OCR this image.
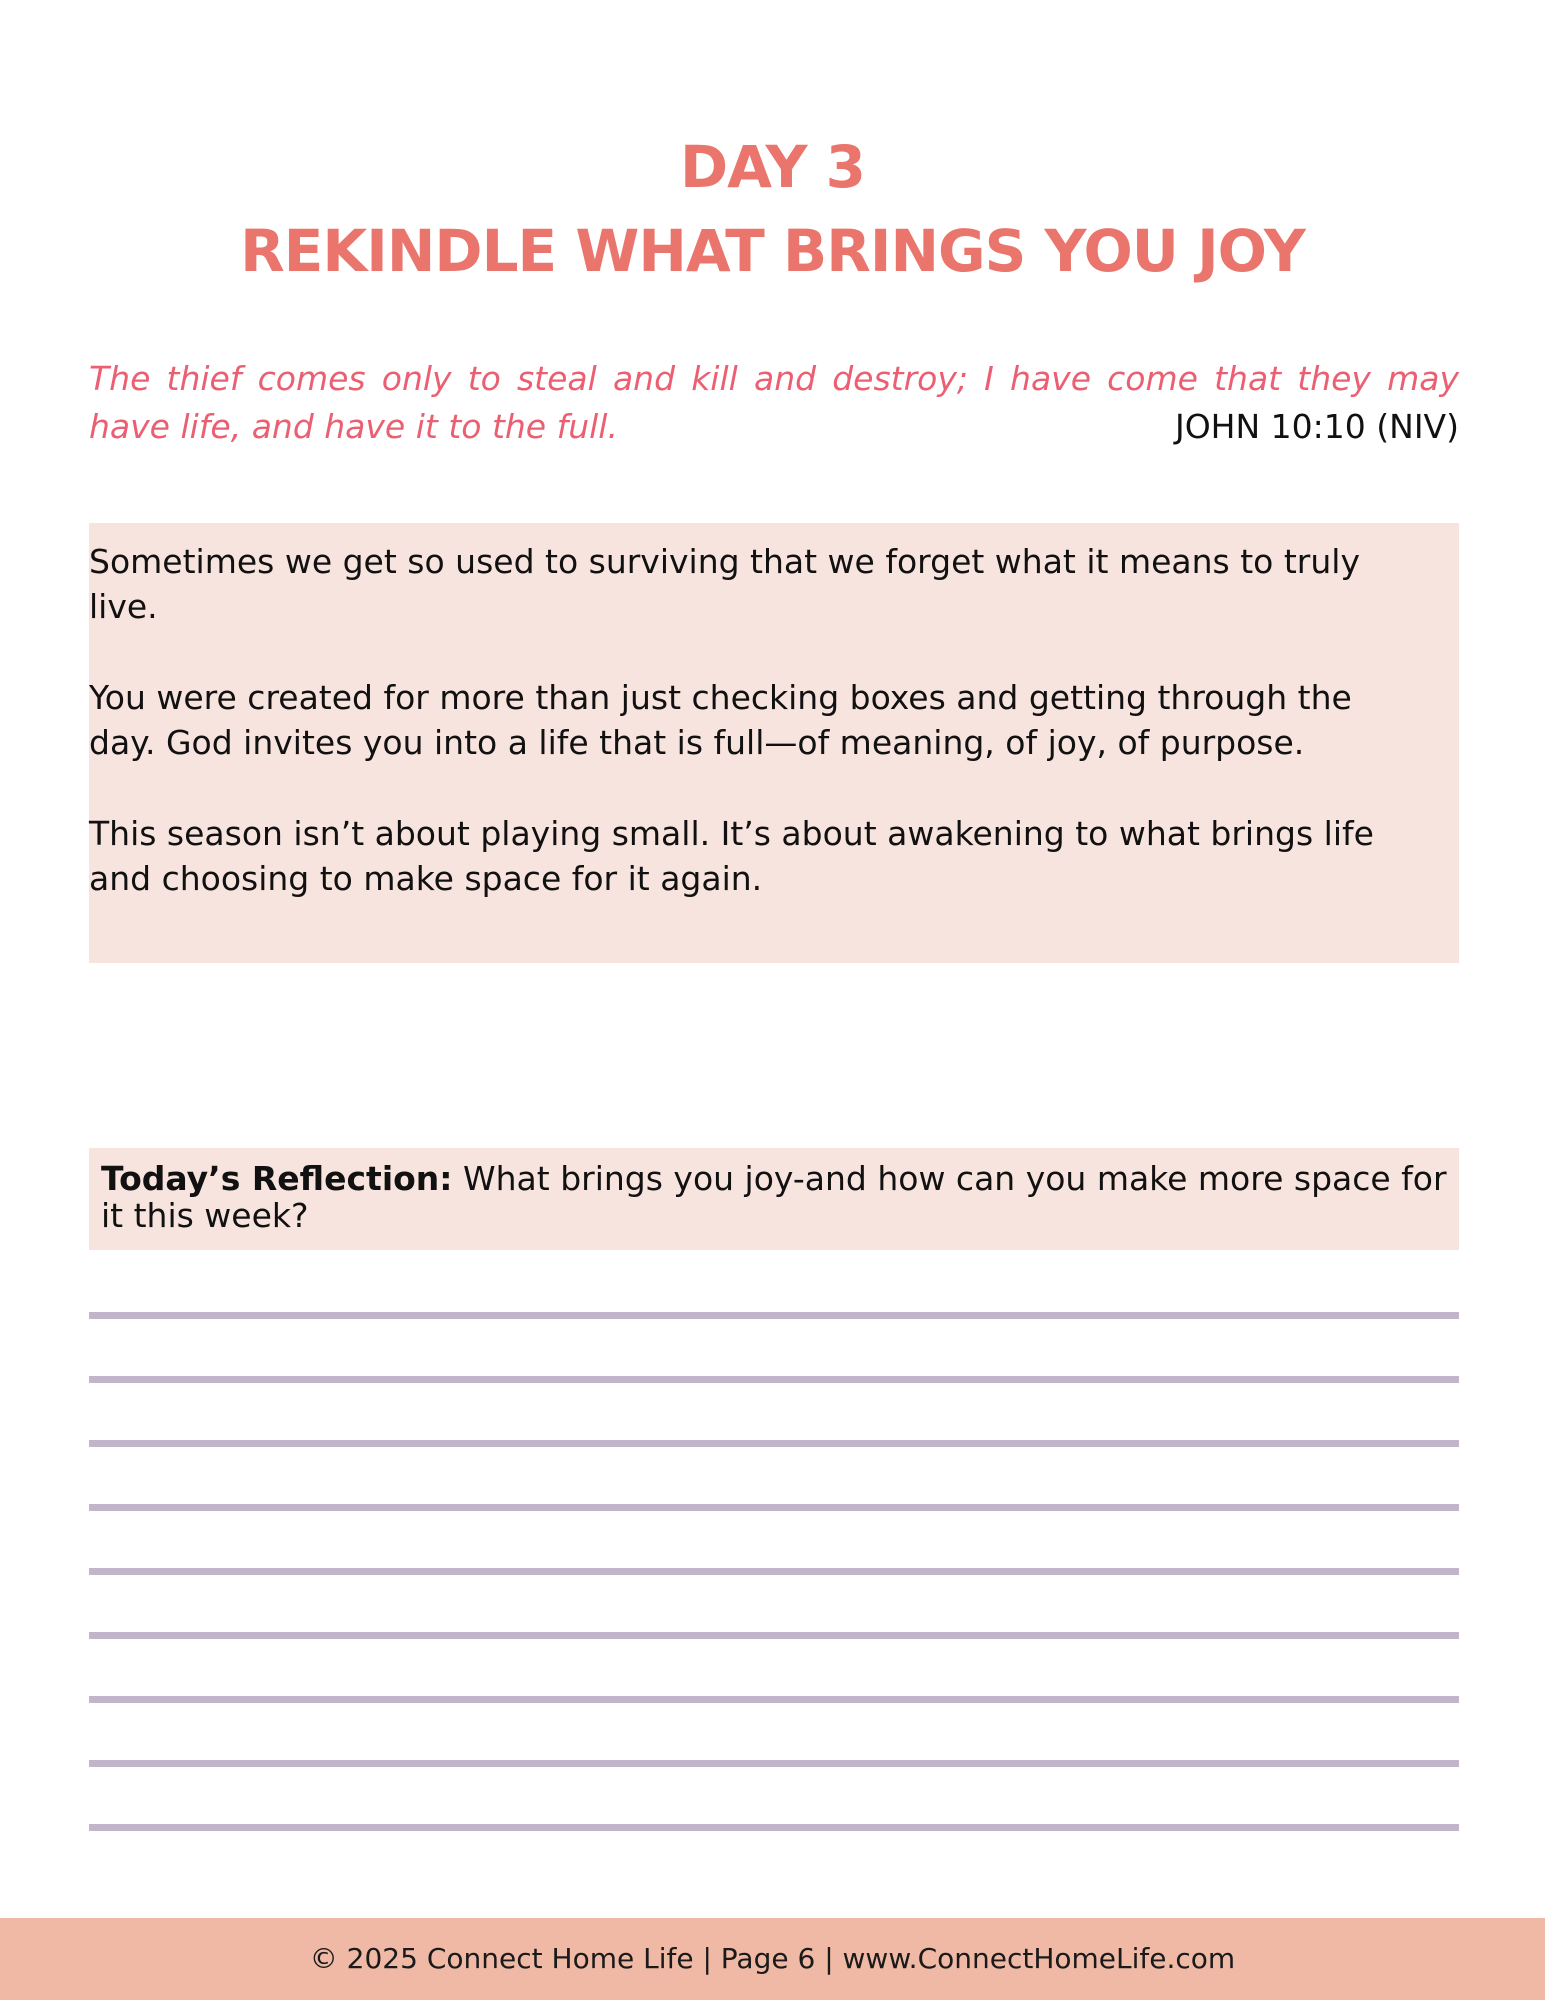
DAY 3
REKINDLE WHAT BRINGS YOU JOY
The thief comes only to steal and kill and destroy; I have come that they may have life, and have it to the full.	JOHN 10:10 (NIV)

Sometimes we get so used to surviving that we forget what it means to truly live.

You were created for more than just checking boxes and getting through the day. God invites you into a life that is full—of meaning, of joy, of purpose.

This season isn’t about playing small. It’s about awakening to what brings life and choosing to make space for it again.

Today’s Reflection: What brings you joy-and how can you make more space for it this week?
© 2025 Connect Home Life | Page 6 | www.ConnectHomeLife.com
